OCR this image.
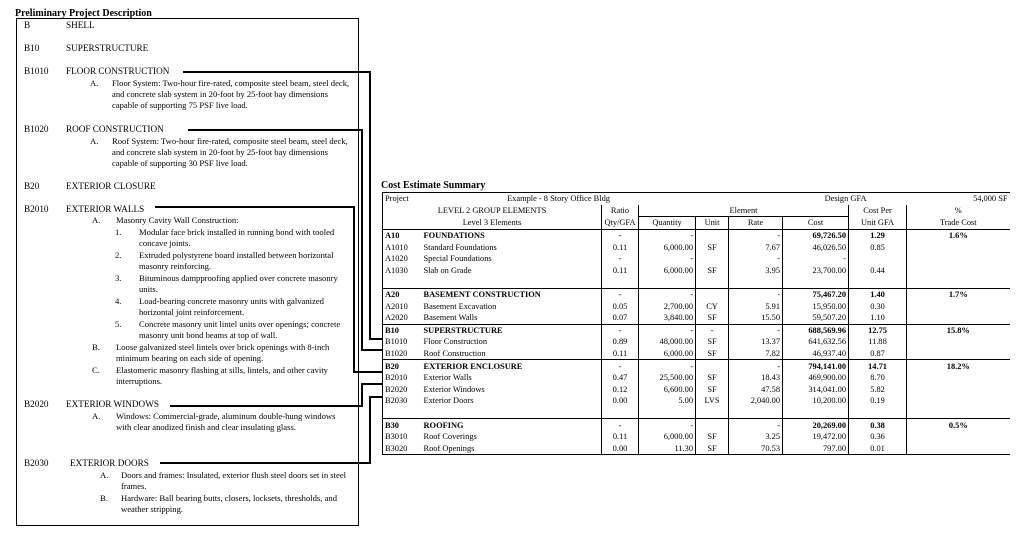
Preliminary Project Description
B	SHELL
B10	SUPERSTRUCTURE
B1010 FLOOR CONSTRUCTION
A. Floor System: Two-hour fire-rated, composite steel beam, steel deck, and concrete slab system in 20-foot by 25-foot bay dimensions capable of supporting 75 PSF live load.
B1020 ROOF CONSTRUCTION
A. Roof System: Two-hour fire-rated, composite steel beam, steel deck, and concrete slab system in 20-foot by 25-foot bay dimensions capable of supporting 30 PSF live load.
B20	EXTERIOR CLOSURE
B2010 EXTERIOR WALLS
A. Masonry Cavity Wall Construction:
1. Modular face brick installed in running bond with tooled concave joints.
2. Extruded polystyrene board installed between horizontal masonry reinforcing.
3. Bituminous dampproofing applied over concrete masonry units.
4. Load-bearing concrete masonry units with galvanized horizontal joint reinforcement.
5. Concrete masonry unit lintel units over openings; concrete masonry unit bond beams at top of wall.
B. Loose galvanized steel lintels over brick openings with 8-inch minimum bearing on each side of opening.
C. Elastomeric masonry flashing at sills, lintels, and other cavity interruptions.
B2020 EXTERIOR WINDOWS
A. Windows: Commercial-grade, aluminum double-hung windows with clear anodized finish and clear insulating glass.
B2030 EXTERIOR DOORS
A. Doors and frames: Insulated, exterior flush steel doors set in steel frames.
B. Hardware: Ball bearing butts, closers, locksets, thresholds, and weather stripping.
Cost Estimate Summary
Project	Example - 8 Story Office Bldg			Design GFA				54,000 SF
LEVEL 2 GROUP ELEMENTS		Ratio	Element				Cost Per	%
Level 3 Elements		Qty/GFA	Quantity	Unit	Rate	Cost	Unit GFA	Trade Cost
A10	FOUNDATIONS	-	-		-	69,726.50	1.29	1.6%
A1010	Standard Foundations	0.11	6,000.00	SF	7.67	46,026.50	0.85	
A1020	Special Foundations	-	-		-	-		
A1030	Slab on Grade	0.11	6,000.00	SF	3.95	23,700.00	0.44	

A20	BASEMENT CONSTRUCTION	-	-		-	75,467.20	1.40	1.7%
A2010	Basement Excavation	0.05	2,700.00	CY	5.91	15,950.00	0.30	
A2020	Basement Walls	0.07	3,840.00	SF	15.50	59,507.20	1.10	
B10	SUPERSTRUCTURE	-	-	-	-	688,569.96	12.75	15.8%
B1010	Floor Construction	0.89	48,000.00	SF	13.37	641,632.56	11.88	
B1020	Roof Construction	0.11	6,000.00	SF	7.82	46,937.40	0.87	
B20	EXTERIOR ENCLOSURE	-	-		-	794,141.00	14.71	18.2%
B2010	Exterior Walls	0.47	25,500.00	SF	18.43	469,900.00	8.70	
B2020	Exterior Windows	0.12	6,600.00	SF	47.58	314,041.00	5.82	
B2030	Exterior Doors	0.00	5.00	LVS	2,040.00	10,200.00	0.19	

B30	ROOFING	-	-		-	20,269.00	0.38	0.5%
B3010	Roof Coverings	0.11	6,000.00	SF	3.25	19,472.00	0.36	
B3020	Roof Openings	0.00	11.30	SF	70.53	797.00	0.01	
